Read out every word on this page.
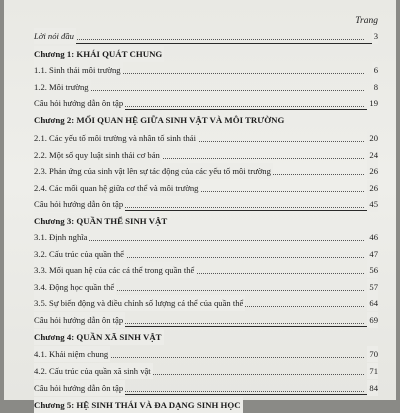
Trang
Lời nói đầu	3
Chương 1: KHÁI QUÁT CHUNG
1.1. Sinh thái môi trường	6
1.2. Môi trường	8
Câu hỏi hướng dẫn ôn tập	19
Chương 2: MỐI QUAN HỆ GIỮA SINH VẬT VÀ MÔI TRƯỜNG
2.1. Các yếu tố môi trường và nhân tố sinh thái	20
2.2. Một số quy luật sinh thái cơ bản	24
2.3. Phản ứng của sinh vật lên sự tác động của các yếu tố môi trường	26
2.4. Các mối quan hệ giữa cơ thể và môi trường	26
Câu hỏi hướng dẫn ôn tập	45
Chương 3: QUẦN THỂ SINH VẬT
3.1. Định nghĩa	46
3.2. Cấu trúc của quần thể	47
3.3. Mối quan hệ của các cá thể trong quần thể	56
3.4. Động học quần thể	57
3.5. Sự biến động và điều chỉnh số lượng cá thể của quần thể	64
Câu hỏi hướng dẫn ôn tập	69
Chương 4: QUẦN XÃ SINH VẬT
4.1. Khái niệm chung	70
4.2. Cấu trúc của quần xã sinh vật	71
Câu hỏi hướng dẫn ôn tập	84
Chương 5: HỆ SINH THÁI VÀ ĐA DẠNG SINH HỌC
